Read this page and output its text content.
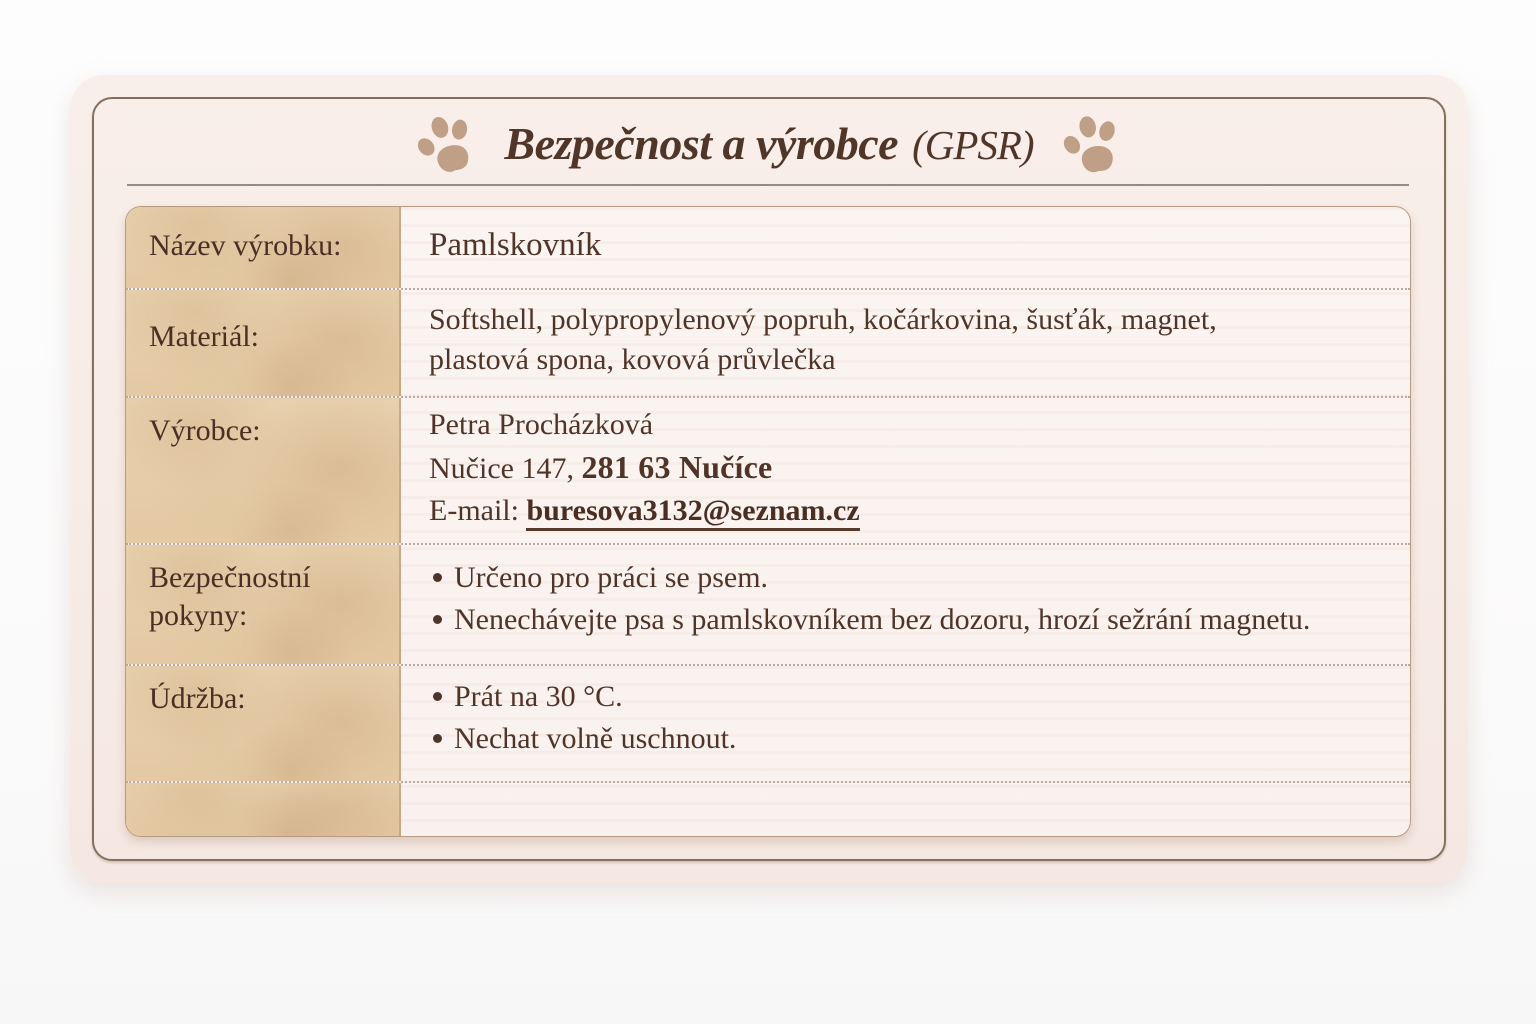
Bezpečnost a výrobce (GPSR)
Název výrobku:	Pamlskovník
Materiál:
Softshell, polypropylenový popruh, kočárkovina, šusťák, magnet,
plastová spona, kovová průvlečka
Výrobce:	Petra Procházková
Nučice 147, 281 63 Nučíce
E-mail: buresova3132@seznam.cz
Bezpečnostní pokyny:
Určeno pro práci se psem.
Nenechávejte psa s pamlskovníkem bez dozoru, hrozí sežrání magnetu.
Údržba:	Prát na 30 °C.
Nechat volně uschnout.
